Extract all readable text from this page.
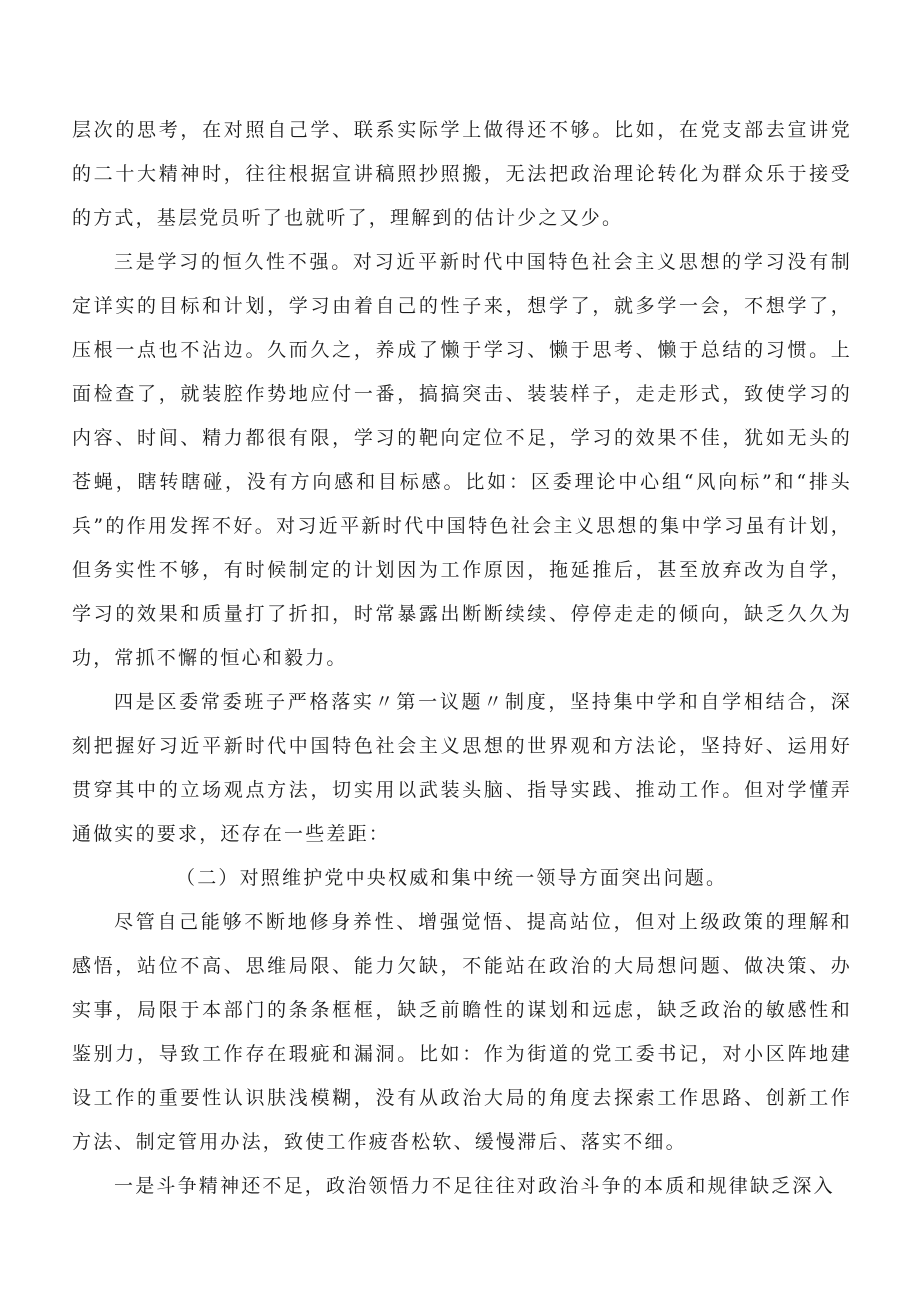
层次的思考，在对照自己学、联系实际学上做得还不够。比如，在党支部去宣讲党的二十大精神时，往往根据宣讲稿照抄照搬，无法把政治理论转化为群众乐于接受的方式，基层党员听了也就听了，理解到的估计少之又少。

三是学习的恒久性不强。对习近平新时代中国特色社会主义思想的学习没有制定详实的目标和计划，学习由着自己的性子来，想学了，就多学一会，不想学了，压根一点也不沾边。久而久之，养成了懒于学习、懒于思考、懒于总结的习惯。上面检查了，就装腔作势地应付一番，搞搞突击、装装样子，走走形式，致使学习的内容、时间、精力都很有限，学习的靶向定位不足，学习的效果不佳，犹如无头的苍蝇，瞎转瞎碰，没有方向感和目标感。比如：区委理论中心组“风向标”和“排头兵”的作用发挥不好。对习近平新时代中国特色社会主义思想的集中学习虽有计划，但务实性不够，有时候制定的计划因为工作原因，拖延推后，甚至放弃改为自学，学习的效果和质量打了折扣，时常暴露出断断续续、停停走走的倾向，缺乏久久为功，常抓不懈的恒心和毅力。

四是区委常委班子严格落实〃第一议题〃制度，坚持集中学和自学相结合，深刻把握好习近平新时代中国特色社会主义思想的世界观和方法论，坚持好、运用好贯穿其中的立场观点方法，切实用以武装头脑、指导实践、推动工作。但对学懂弄通做实的要求，还存在一些差距：

（二）对照维护党中央权威和集中统一领导方面突出问题。

尽管自己能够不断地修身养性、增强觉悟、提高站位，但对上级政策的理解和感悟，站位不高、思维局限、能力欠缺，不能站在政治的大局想问题、做决策、办实事，局限于本部门的条条框框，缺乏前瞻性的谋划和远虑，缺乏政治的敏感性和鉴别力，导致工作存在瑕疵和漏洞。比如：作为街道的党工委书记，对小区阵地建设工作的重要性认识肤浅模糊，没有从政治大局的角度去探索工作思路、创新工作方法、制定管用办法，致使工作疲沓松软、缓慢滞后、落实不细。

一是斗争精神还不足，政治领悟力不足往往对政治斗争的本质和规律缺乏深入
